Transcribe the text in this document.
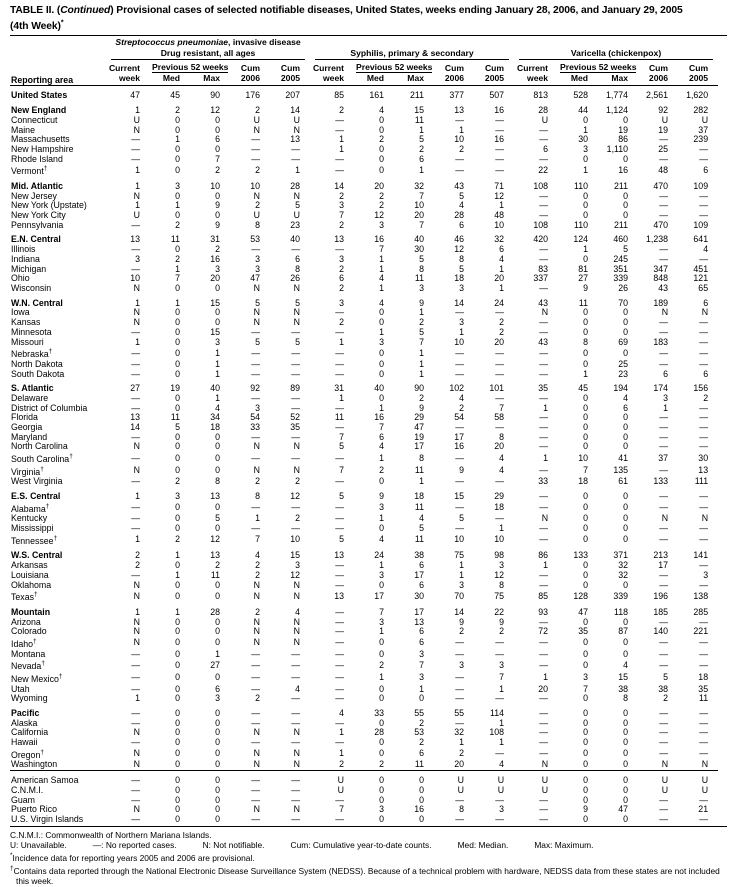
TABLE II. (Continued) Provisional cases of selected notifiable diseases, United States, weeks ending January 28, 2006, and January 29, 2005
(4th Week)*
Reporting area	Streptococcus pneumoniae, invasive disease
Drug resistant, all ages					Syphilis, primary & secondary					Varicella (chickenpox)				

	Current	Previous 52 weeks		Cum	Cum	Current	Previous 52 weeks		Cum	Cum	Current	Previous 52 weeks		Cum	Cum
	week	Med	Max	2006	2005	week	Med	Max	2006	2005	week	Med	Max	2006	2005
United States	47	45	90	176	207	85	161	211	377	507	813	528	1,774	2,561	1,620
New England	1	2	12	2	14	2	4	15	13	16	28	44	1,124	92	282
Connecticut	U	0	0	U	U	—	0	11	—	—	U	0	0	U	U
Maine	N	0	0	N	N	—	0	1	1	—	—	1	19	19	37
Massachusetts	—	1	6	—	13	1	2	5	10	16	—	30	86	—	239
New Hampshire	—	0	0	—	—	1	0	2	2	—	6	3	1,110	25	—
Rhode Island	—	0	7	—	—	—	0	6	—	—	—	0	0	—	—
Vermont†	1	0	2	2	1	—	0	1	—	—	22	1	16	48	6
Mid. Atlantic	1	3	10	10	28	14	20	32	43	71	108	110	211	470	109
New Jersey	N	0	0	N	N	2	2	7	5	12	—	0	0	—	—
New York (Upstate)	1	1	9	2	5	3	2	10	4	1	—	0	0	—	—
New York City	U	0	0	U	U	7	12	20	28	48	—	0	0	—	—
Pennsylvania	—	2	9	8	23	2	3	7	6	10	108	110	211	470	109
E.N. Central	13	11	31	53	40	13	16	40	46	32	420	124	460	1,238	641
Illinois	—	0	2	—	—	—	7	30	12	6	—	1	5	—	4
Indiana	3	2	16	3	6	3	1	5	8	4	—	0	245	—	—
Michigan	—	1	3	3	8	2	1	8	5	1	83	81	351	347	451
Ohio	10	7	20	47	26	6	4	11	18	20	337	27	339	848	121
Wisconsin	N	0	0	N	N	2	1	3	3	1	—	9	26	43	65
W.N. Central	1	1	15	5	5	3	4	9	14	24	43	11	70	189	6
Iowa	N	0	0	N	N	—	0	1	—	—	N	0	0	N	N
Kansas	N	0	0	N	N	2	0	2	3	2	—	0	0	—	—
Minnesota	—	0	15	—	—	—	1	5	1	2	—	0	0	—	—
Missouri	1	0	3	5	5	1	3	7	10	20	43	8	69	183	—
Nebraska†	—	0	1	—	—	—	0	1	—	—	—	0	0	—	—
North Dakota	—	0	1	—	—	—	0	1	—	—	—	0	25	—	—
South Dakota	—	0	1	—	—	—	0	1	—	—	—	1	23	6	6
S. Atlantic	27	19	40	92	89	31	40	90	102	101	35	45	194	174	156
Delaware	—	0	1	—	—	1	0	2	4	—	—	0	4	3	2
District of Columbia	—	0	4	3	—	—	1	9	2	7	1	0	6	1	—
Florida	13	11	34	54	52	11	16	29	54	58	—	0	0	—	—
Georgia	14	5	18	33	35	—	7	47	—	—	—	0	0	—	—
Maryland	—	0	0	—	—	7	6	19	17	8	—	0	0	—	—
North Carolina	N	0	0	N	N	5	4	17	16	20	—	0	0	—	—
South Carolina†	—	0	0	—	—	—	1	8	—	4	1	10	41	37	30
Virginia†	N	0	0	N	N	7	2	11	9	4	—	7	135	—	13
West Virginia	—	2	8	2	2	—	0	1	—	—	33	18	61	133	111
E.S. Central	1	3	13	8	12	5	9	18	15	29	—	0	0	—	—
Alabama†	—	0	0	—	—	—	3	11	—	18	—	0	0	—	—
Kentucky	—	0	5	1	2	—	1	4	5	—	N	0	0	N	N
Mississippi	—	0	0	—	—	—	0	5	—	1	—	0	0	—	—
Tennessee†	1	2	12	7	10	5	4	11	10	10	—	0	0	—	—
W.S. Central	2	1	13	4	15	13	24	38	75	98	86	133	371	213	141
Arkansas	2	0	2	2	3	—	1	6	1	3	1	0	32	17	—
Louisiana	—	1	11	2	12	—	3	17	1	12	—	0	32	—	3
Oklahoma	N	0	0	N	N	—	0	6	3	8	—	0	0	—	—
Texas†	N	0	0	N	N	13	17	30	70	75	85	128	339	196	138
Mountain	1	1	28	2	4	—	7	17	14	22	93	47	118	185	285
Arizona	N	0	0	N	N	—	3	13	9	9	—	0	0	—	—
Colorado	N	0	0	N	N	—	1	6	2	2	72	35	87	140	221
Idaho†	N	0	0	N	N	—	0	6	—	—	—	0	0	—	—
Montana	—	0	1	—	—	—	0	3	—	—	—	0	0	—	—
Nevada†	—	0	27	—	—	—	2	7	3	3	—	0	4	—	—
New Mexico†	—	0	0	—	—	—	1	3	—	7	1	3	15	5	18
Utah	—	0	6	—	4	—	0	1	—	1	20	7	38	38	35
Wyoming	1	0	3	2	—	—	0	0	—	—	—	0	8	2	11
Pacific	—	0	0	—	—	4	33	55	55	114	—	0	0	—	—
Alaska	—	0	0	—	—	—	0	2	—	1	—	0	0	—	—
California	N	0	0	N	N	1	28	53	32	108	—	0	0	—	—
Hawaii	—	0	0	—	—	—	0	2	1	1	—	0	0	—	—
Oregon†	N	0	0	N	N	1	0	6	2	—	—	0	0	—	—
Washington	N	0	0	N	N	2	2	11	20	4	N	0	0	N	N
American Samoa	—	0	0	—	—	U	0	0	U	U	U	0	0	U	U
C.N.M.I.	—	0	0	—	—	U	0	0	U	U	U	0	0	U	U
Guam	—	0	0	—	—	—	0	0	—	—	—	0	0	—	—
Puerto Rico	N	0	0	N	N	7	3	16	8	3	—	9	47	—	21
U.S. Virgin Islands	—	0	0	—	—	—	0	0	—	—	—	0	0	—	—
C.N.M.I.: Commonwealth of Northern Mariana Islands.
U: Unavailable.	—: No reported cases.	N: Not notifiable.	Cum: Cumulative year-to-date counts.	Med: Median.	Max: Maximum.
*Incidence data for reporting years 2005 and 2006 are provisional.
†Contains data reported through the National Electronic Disease Surveillance System (NEDSS). Because of a technical problem with hardware, NEDSS data from these states are not included this week.
